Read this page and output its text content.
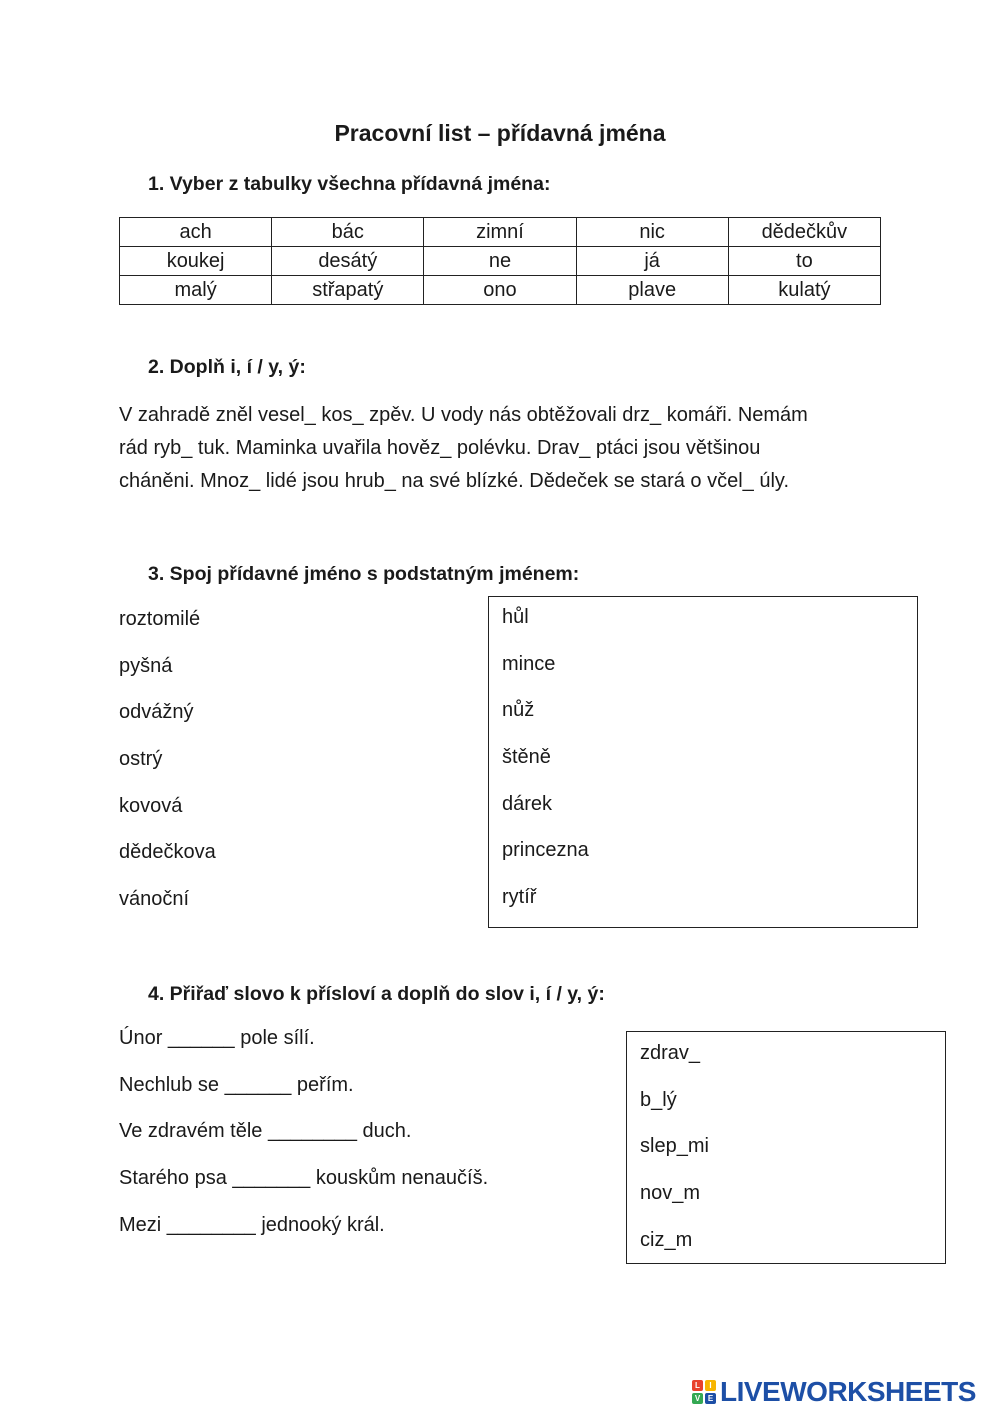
Pracovní list – přídavná jména
1. Vyber z tabulky všechna přídavná jména:
ach	bác	zimní	nic	dědečkův
koukej	desátý	ne	já	to
malý	střapatý	ono	plave	kulatý
2. Doplň i, í / y, ý:

V zahradě zněl vesel_ kos_ zpěv. U vody nás obtěžovali drz_ komáři. Nemám

rád ryb_ tuk. Maminka uvařila hověz_ polévku. Drav_ ptáci jsou většinou

cháněni. Mnoz_ lidé jsou hrub_ na své blízké. Dědeček se stará o včel_ úly.

3. Spoj přídavné jméno s podstatným jménem:
roztomilé
pyšná
odvážný
ostrý
kovová
dědečkova
vánoční
hůl
mince
nůž
štěně
dárek
princezna
rytíř
4. Přiřaď slovo k přísloví a doplň do slov i, í / y, ý:
Únor ______ pole sílí.
Nechlub se ______ peřím.
Ve zdravém těle ________ duch.
Starého psa _______ kouskům nenaučíš.
Mezi ________ jednooký král.
zdrav_
b_lý
slep_mi
nov_m
ciz_m
L	I
V E LIVEWORKSHEETS
